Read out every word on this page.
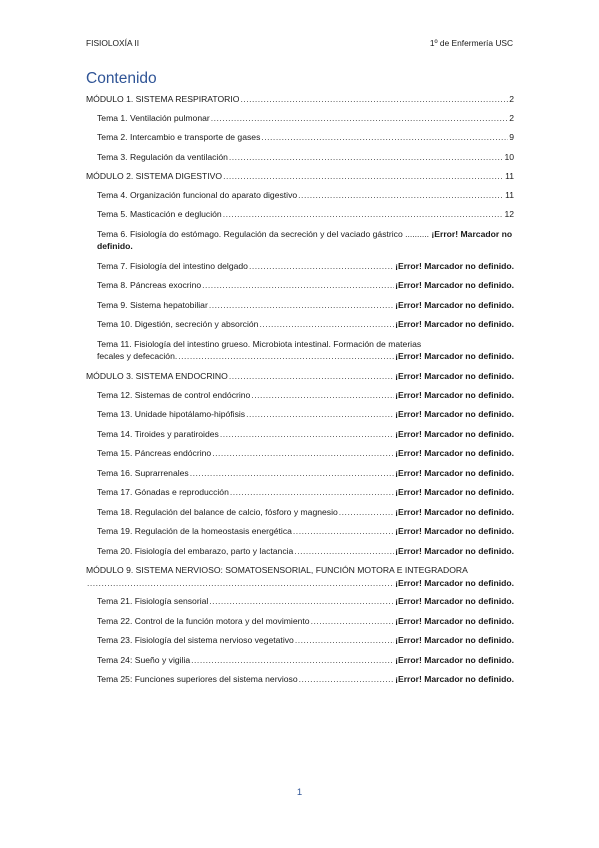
FISIOLOXÍA II	1º de Enfermería USC
Contenido
MÓDULO 1. SISTEMA RESPIRATORIO .....	2
Tema 1. Ventilación pulmonar .....	2
Tema 2. Intercambio e transporte de gases .....	9
Tema 3. Regulación da ventilación .....	10
MÓDULO 2. SISTEMA DIGESTIVO .....	11
Tema 4. Organización funcional do aparato digestivo .....	11
Tema 5. Masticación e deglución .....	12
Tema 6. Fisiología do estómago. Regulación da secreción y del vaciado gástrico .......... ¡Error! Marcador no definido.
Tema 7. Fisiología del intestino delgado .....	¡Error! Marcador no definido.
Tema 8. Páncreas exocrino .....	¡Error! Marcador no definido.
Tema 9. Sistema hepatobiliar .....	¡Error! Marcador no definido.
Tema 10. Digestión, secreción y absorción .....	¡Error! Marcador no definido.
Tema 11. Fisiología del intestino grueso. Microbiota intestinal. Formación de materias
fecales y defecación. .....	¡Error! Marcador no definido.
MÓDULO 3. SISTEMA ENDOCRINO .....	¡Error! Marcador no definido.
Tema 12. Sistemas de control endócrino .....	¡Error! Marcador no definido.
Tema 13. Unidade hipotálamo-hipófisis .....	¡Error! Marcador no definido.
Tema 14. Tiroides y paratiroides .....	¡Error! Marcador no definido.
Tema 15. Páncreas endócrino .....	¡Error! Marcador no definido.
Tema 16. Suprarrenales .....	¡Error! Marcador no definido.
Tema 17. Gónadas e reproducción .....	¡Error! Marcador no definido.
Tema 18. Regulación del balance de calcio, fósforo y magnesio .....	¡Error! Marcador no definido.
Tema 19. Regulación de la homeostasis energética .....	¡Error! Marcador no definido.
Tema 20. Fisiología del embarazo, parto y lactancia .....	¡Error! Marcador no definido.
MÓDULO 9. SISTEMA NERVIOSO: SOMATOSENSORIAL, FUNCIÓN MOTORA E INTEGRADORA
.....
¡Error! Marcador no definido.
Tema 21. Fisiología sensorial .....	¡Error! Marcador no definido.
Tema 22. Control de la función motora y del movimiento .....	¡Error! Marcador no definido.
Tema 23. Fisiología del sistema nervioso vegetativo .....	¡Error! Marcador no definido.
Tema 24: Sueño y vigilia .....	¡Error! Marcador no definido.
Tema 25: Funciones superiores del sistema nervioso .....	¡Error! Marcador no definido.
1
